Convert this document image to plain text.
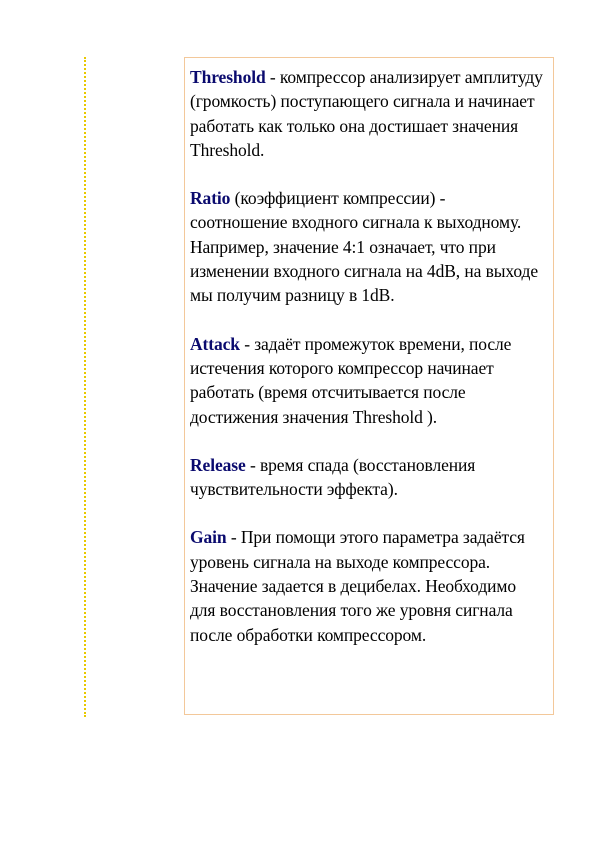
Threshold - компрессор анализирует амплитуду (громкость) поступающего сигнала и начинает работать как только она достишает значения Threshold.

Ratio (коэффициент компрессии) - соотношение входного сигнала к выходному. Например, значение 4:1 означает, что при изменении входного сигнала на 4dB, на выходе мы получим разницу в 1dB.

Attack - задаёт промежуток времени, после истечения которого компрессор начинает работать (время отсчитывается после достижения значения Threshold ).

Release - время спада (восстановления чувствительности эффекта).

Gain - При помощи этого параметра задаётся уровень сигнала на выходе компрессора. Значение задается в децибелах. Необходимо для восстановления того же уровня сигнала после обработки компрессором.
